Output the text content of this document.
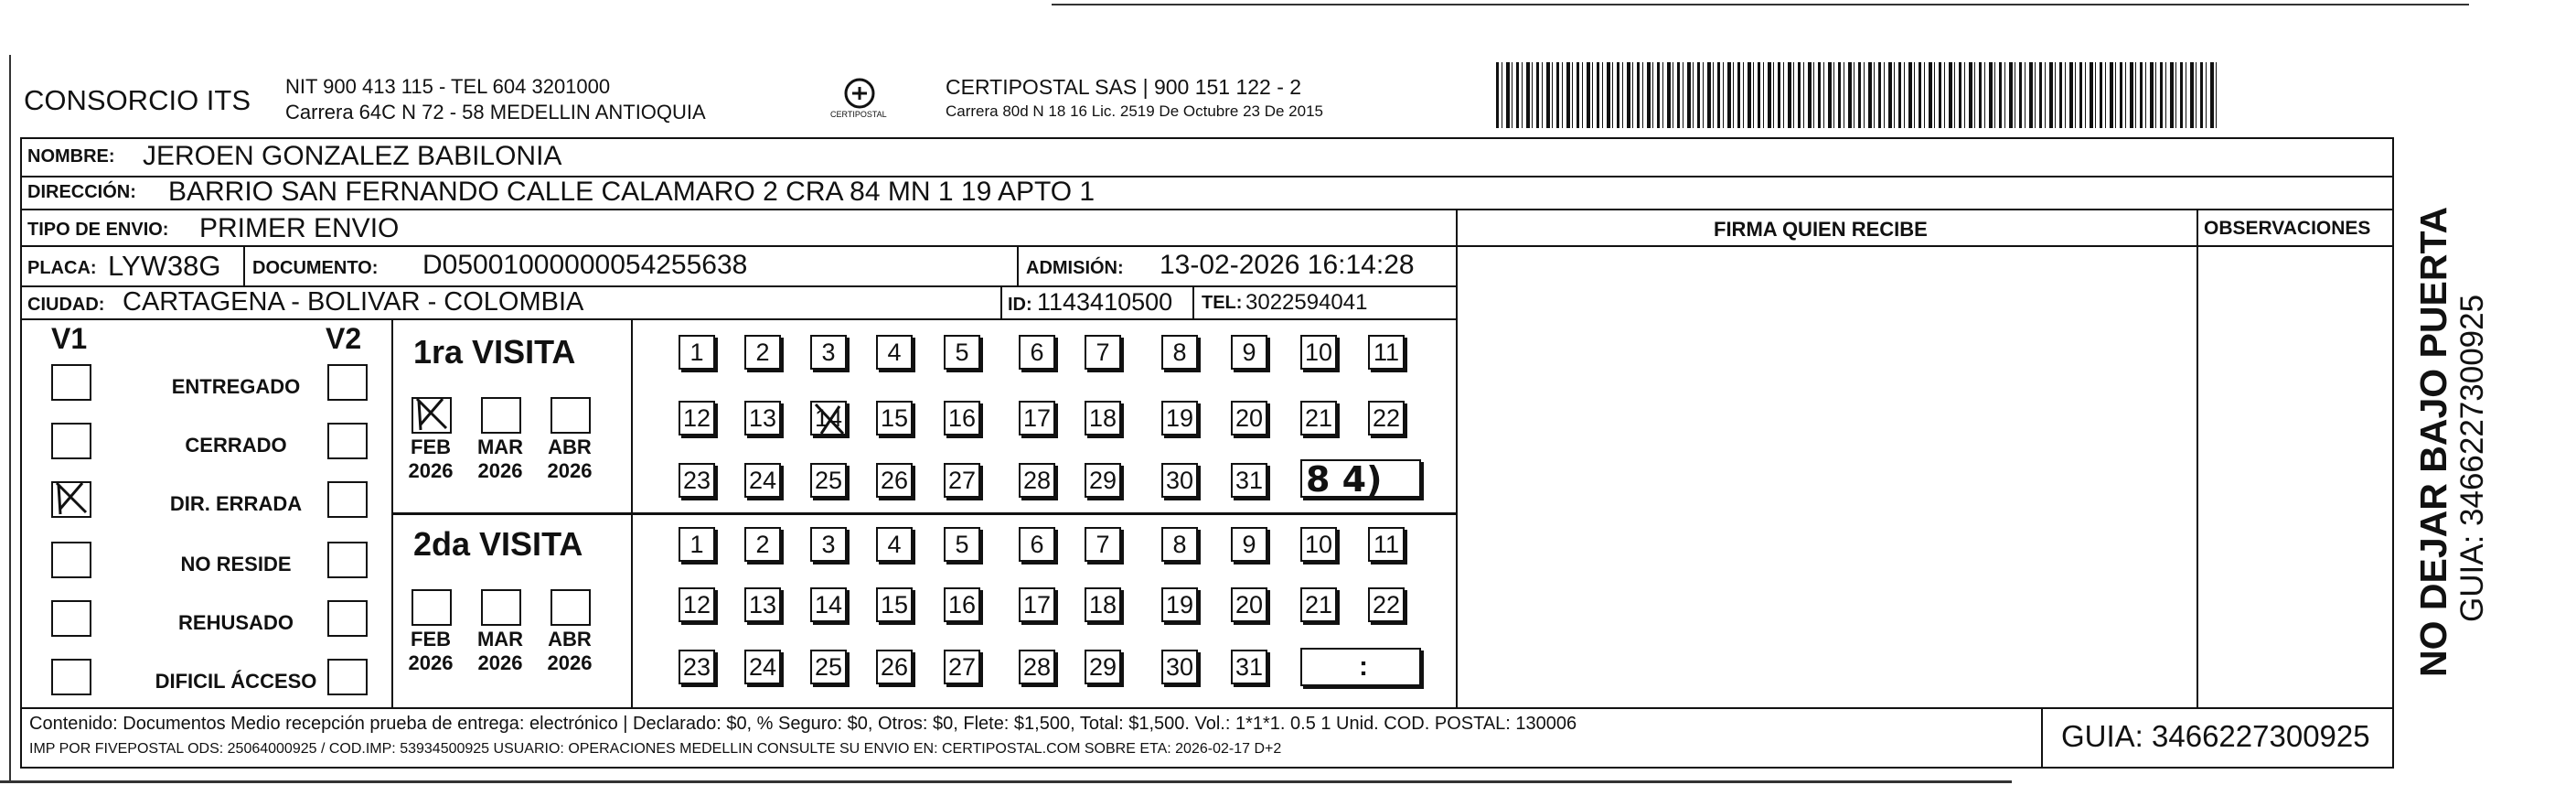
CONSORCIO ITS NIT 900 413 115 - TEL 604 3201000
Carrera 64C N 72 - 58 MEDELLIN ANTIOQUIA	CERTIPOSTAL
CERTIPOSTAL SAS | 900 151 122 - 2
Carrera 80d N 18 16 Lic. 2519 De Octubre 23 De 2015
NOMBRE: JEROEN GONZALEZ BABILONIA
DIRECCIÓN: BARRIO SAN FERNANDO CALLE CALAMARO 2 CRA 84 MN 1 19 APTO 1
TIPO DE ENVIO: PRIMER ENVIO	FIRMA QUIEN RECIBE	OBSERVACIONES
PLACA: LYW38G DOCUMENTO: D05001000000054255638	ADMISIÓN: 13-02-2026 16:14:28
CIUDAD: CARTAGENA - BOLIVAR - COLOMBIA	ID: 1143410500 TEL: 3022594041
V1	V2
ENTREGADO
CERRADO
DIR. ERRADA
NO RESIDE
REHUSADO
DIFICIL ÁCCESO
1ra VISITA
2da VISITA
FEB
2026
MAR
2026
ABR
2026
FEB
2026
MAR
2026
ABR
2026
1	2	3	4	5	6	7	8	9	10 11
12 13 14 15 16 17 18 19 20 21 22
23 24 25 26 27 28 29 30 31
1	2	3	4	5	6	7	8	9	10 11
12 13 14 15 16 17 18 19 20 21 22
23 24 25 26 27 28 29 30 31
8 4)
:
Contenido: Documentos Medio recepción prueba de entrega: electrónico | Declarado: $0, % Seguro: $0, Otros: $0, Flete: $1,500, Total: $1,500. Vol.: 1*1*1. 0.5 1 Unid. COD. POSTAL: 130006
IMP POR FIVEPOSTAL ODS: 25064000925 / COD.IMP: 53934500925 USUARIO: OPERACIONES MEDELLIN CONSULTE SU ENVIO EN: CERTIPOSTAL.COM SOBRE ETA: 2026-02-17 D+2	GUIA: 3466227300925
NO DEJAR BAJO PUERTA GUIA: 3466227300925
